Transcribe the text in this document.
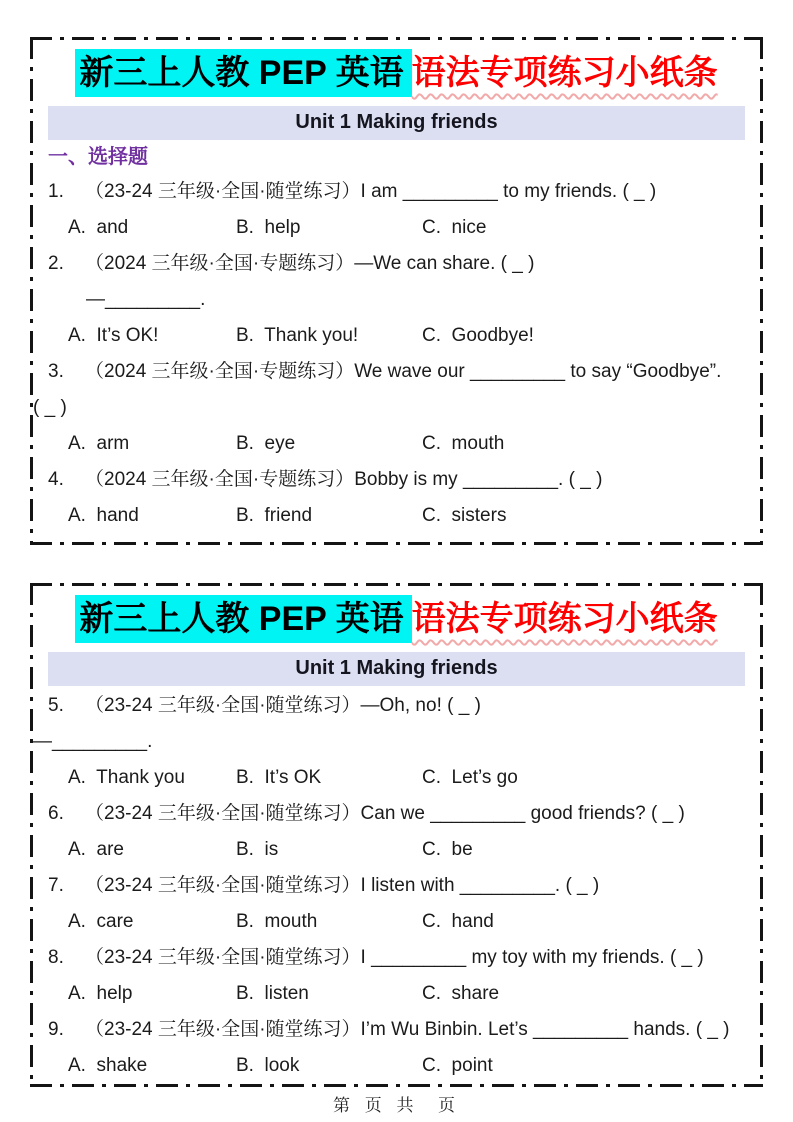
新三上人教 PEP 英语 语法专项练习小纸条
Unit 1 Making friends
一、选择题
1.	（23-24 三年级·全国·随堂练习）I am _________ to my friends. ( _ )
A.  and	B.  help	C.  nice
2.	（2024 三年级·全国·专题练习）—We can share. ( _ )
—_________.
A.  It’s OK!	B.  Thank you!	C.  Goodbye!
3.	（2024 三年级·全国·专题练习）We wave our _________ to say “Goodbye”.
( _ )
A.  arm	B.  eye	C.  mouth
4.	（2024 三年级·全国·专题练习）Bobby is my _________. ( _ )
A.  hand	B.  friend	C.  sisters
新三上人教 PEP 英语 语法专项练习小纸条
Unit 1 Making friends
5.	（23-24 三年级·全国·随堂练习）—Oh, no! ( _ )
—_________.
A.  Thank you	B.  It’s OK	C.  Let’s go
6.	（23-24 三年级·全国·随堂练习）Can we _________ good friends? ( _ )
A.  are	B.  is	C.  be
7.	（23-24 三年级·全国·随堂练习）I listen with _________. ( _ )
A.  care	B.  mouth	C.  hand
8.	（23-24 三年级·全国·随堂练习）I _________ my toy with my friends. ( _ )
A.  help	B.  listen	C.  share
9.	（23-24 三年级·全国·随堂练习）I’m Wu Binbin. Let’s _________ hands. ( _ )
A.  shake	B.  look	C.  point
第 页 共  页
